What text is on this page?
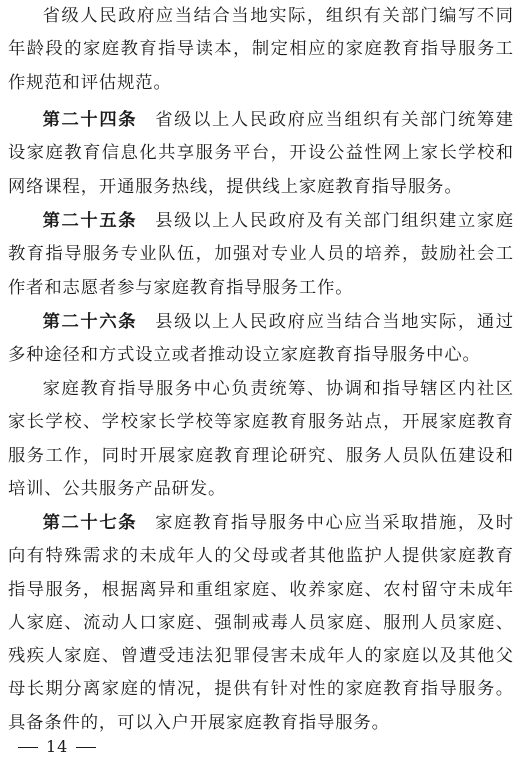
省级人民政府应当结合当地实际，组织有关部门编写不同年龄段的家庭教育指导读本，制定相应的家庭教育指导服务工作规范和评估规范。

第二十四条 省级以上人民政府应当组织有关部门统筹建设家庭教育信息化共享服务平台，开设公益性网上家长学校和网络课程，开通服务热线，提供线上家庭教育指导服务。

第二十五条 县级以上人民政府及有关部门组织建立家庭教育指导服务专业队伍，加强对专业人员的培养，鼓励社会工作者和志愿者参与家庭教育指导服务工作。

第二十六条 县级以上人民政府应当结合当地实际，通过多种途径和方式设立或者推动设立家庭教育指导服务中心。

家庭教育指导服务中心负责统筹、协调和指导辖区内社区家长学校、学校家长学校等家庭教育服务站点，开展家庭教育服务工作，同时开展家庭教育理论研究、服务人员队伍建设和培训、公共服务产品研发。

第二十七条 家庭教育指导服务中心应当采取措施，及时向有特殊需求的未成年人的父母或者其他监护人提供家庭教育指导服务，根据离异和重组家庭、收养家庭、农村留守未成年人家庭、流动人口家庭、强制戒毒人员家庭、服刑人员家庭、残疾人家庭、曾遭受违法犯罪侵害未成年人的家庭以及其他父母长期分离家庭的情况，提供有针对性的家庭教育指导服务。具备条件的，可以入户开展家庭教育指导服务。

14
